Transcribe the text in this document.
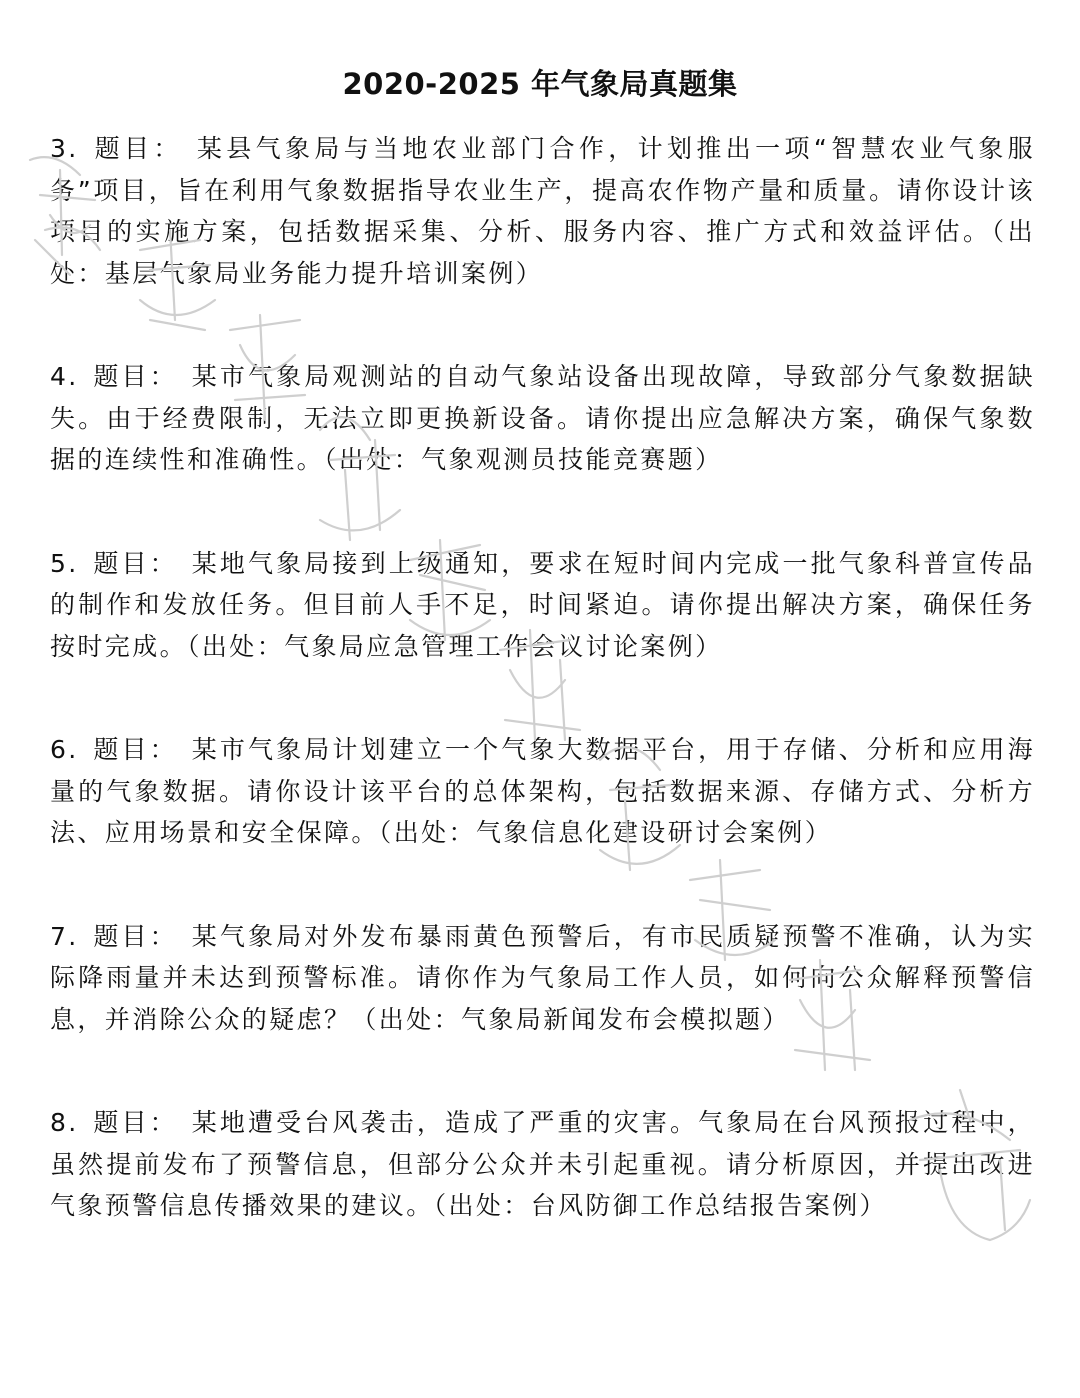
2020-2025 年气象局真题集

3. 题目： 某县气象局与当地农业部门合作，计划推出一项“智慧农业气象服务”项目，旨在利用气象数据指导农业生产，提高农作物产量和质量。请你设计该项目的实施方案，包括数据采集、分析、服务内容、推广方式和效益评估。（出处：基层气象局业务能力提升培训案例）

4. 题目： 某市气象局观测站的自动气象站设备出现故障，导致部分气象数据缺失。由于经费限制，无法立即更换新设备。请你提出应急解决方案，确保气象数据的连续性和准确性。（出处：气象观测员技能竞赛题）

5. 题目： 某地气象局接到上级通知，要求在短时间内完成一批气象科普宣传品的制作和发放任务。但目前人手不足，时间紧迫。请你提出解决方案，确保任务按时完成。（出处：气象局应急管理工作会议讨论案例）

6. 题目： 某市气象局计划建立一个气象大数据平台，用于存储、分析和应用海量的气象数据。请你设计该平台的总体架构，包括数据来源、存储方式、分析方法、应用场景和安全保障。（出处：气象信息化建设研讨会案例）

7. 题目： 某气象局对外发布暴雨黄色预警后，有市民质疑预警不准确，认为实际降雨量并未达到预警标准。请你作为气象局工作人员，如何向公众解释预警信息，并消除公众的疑虑？（出处：气象局新闻发布会模拟题）

8. 题目： 某地遭受台风袭击，造成了严重的灾害。气象局在台风预报过程中，虽然提前发布了预警信息，但部分公众并未引起重视。请分析原因，并提出改进气象预警信息传播效果的建议。（出处：台风防御工作总结报告案例）
